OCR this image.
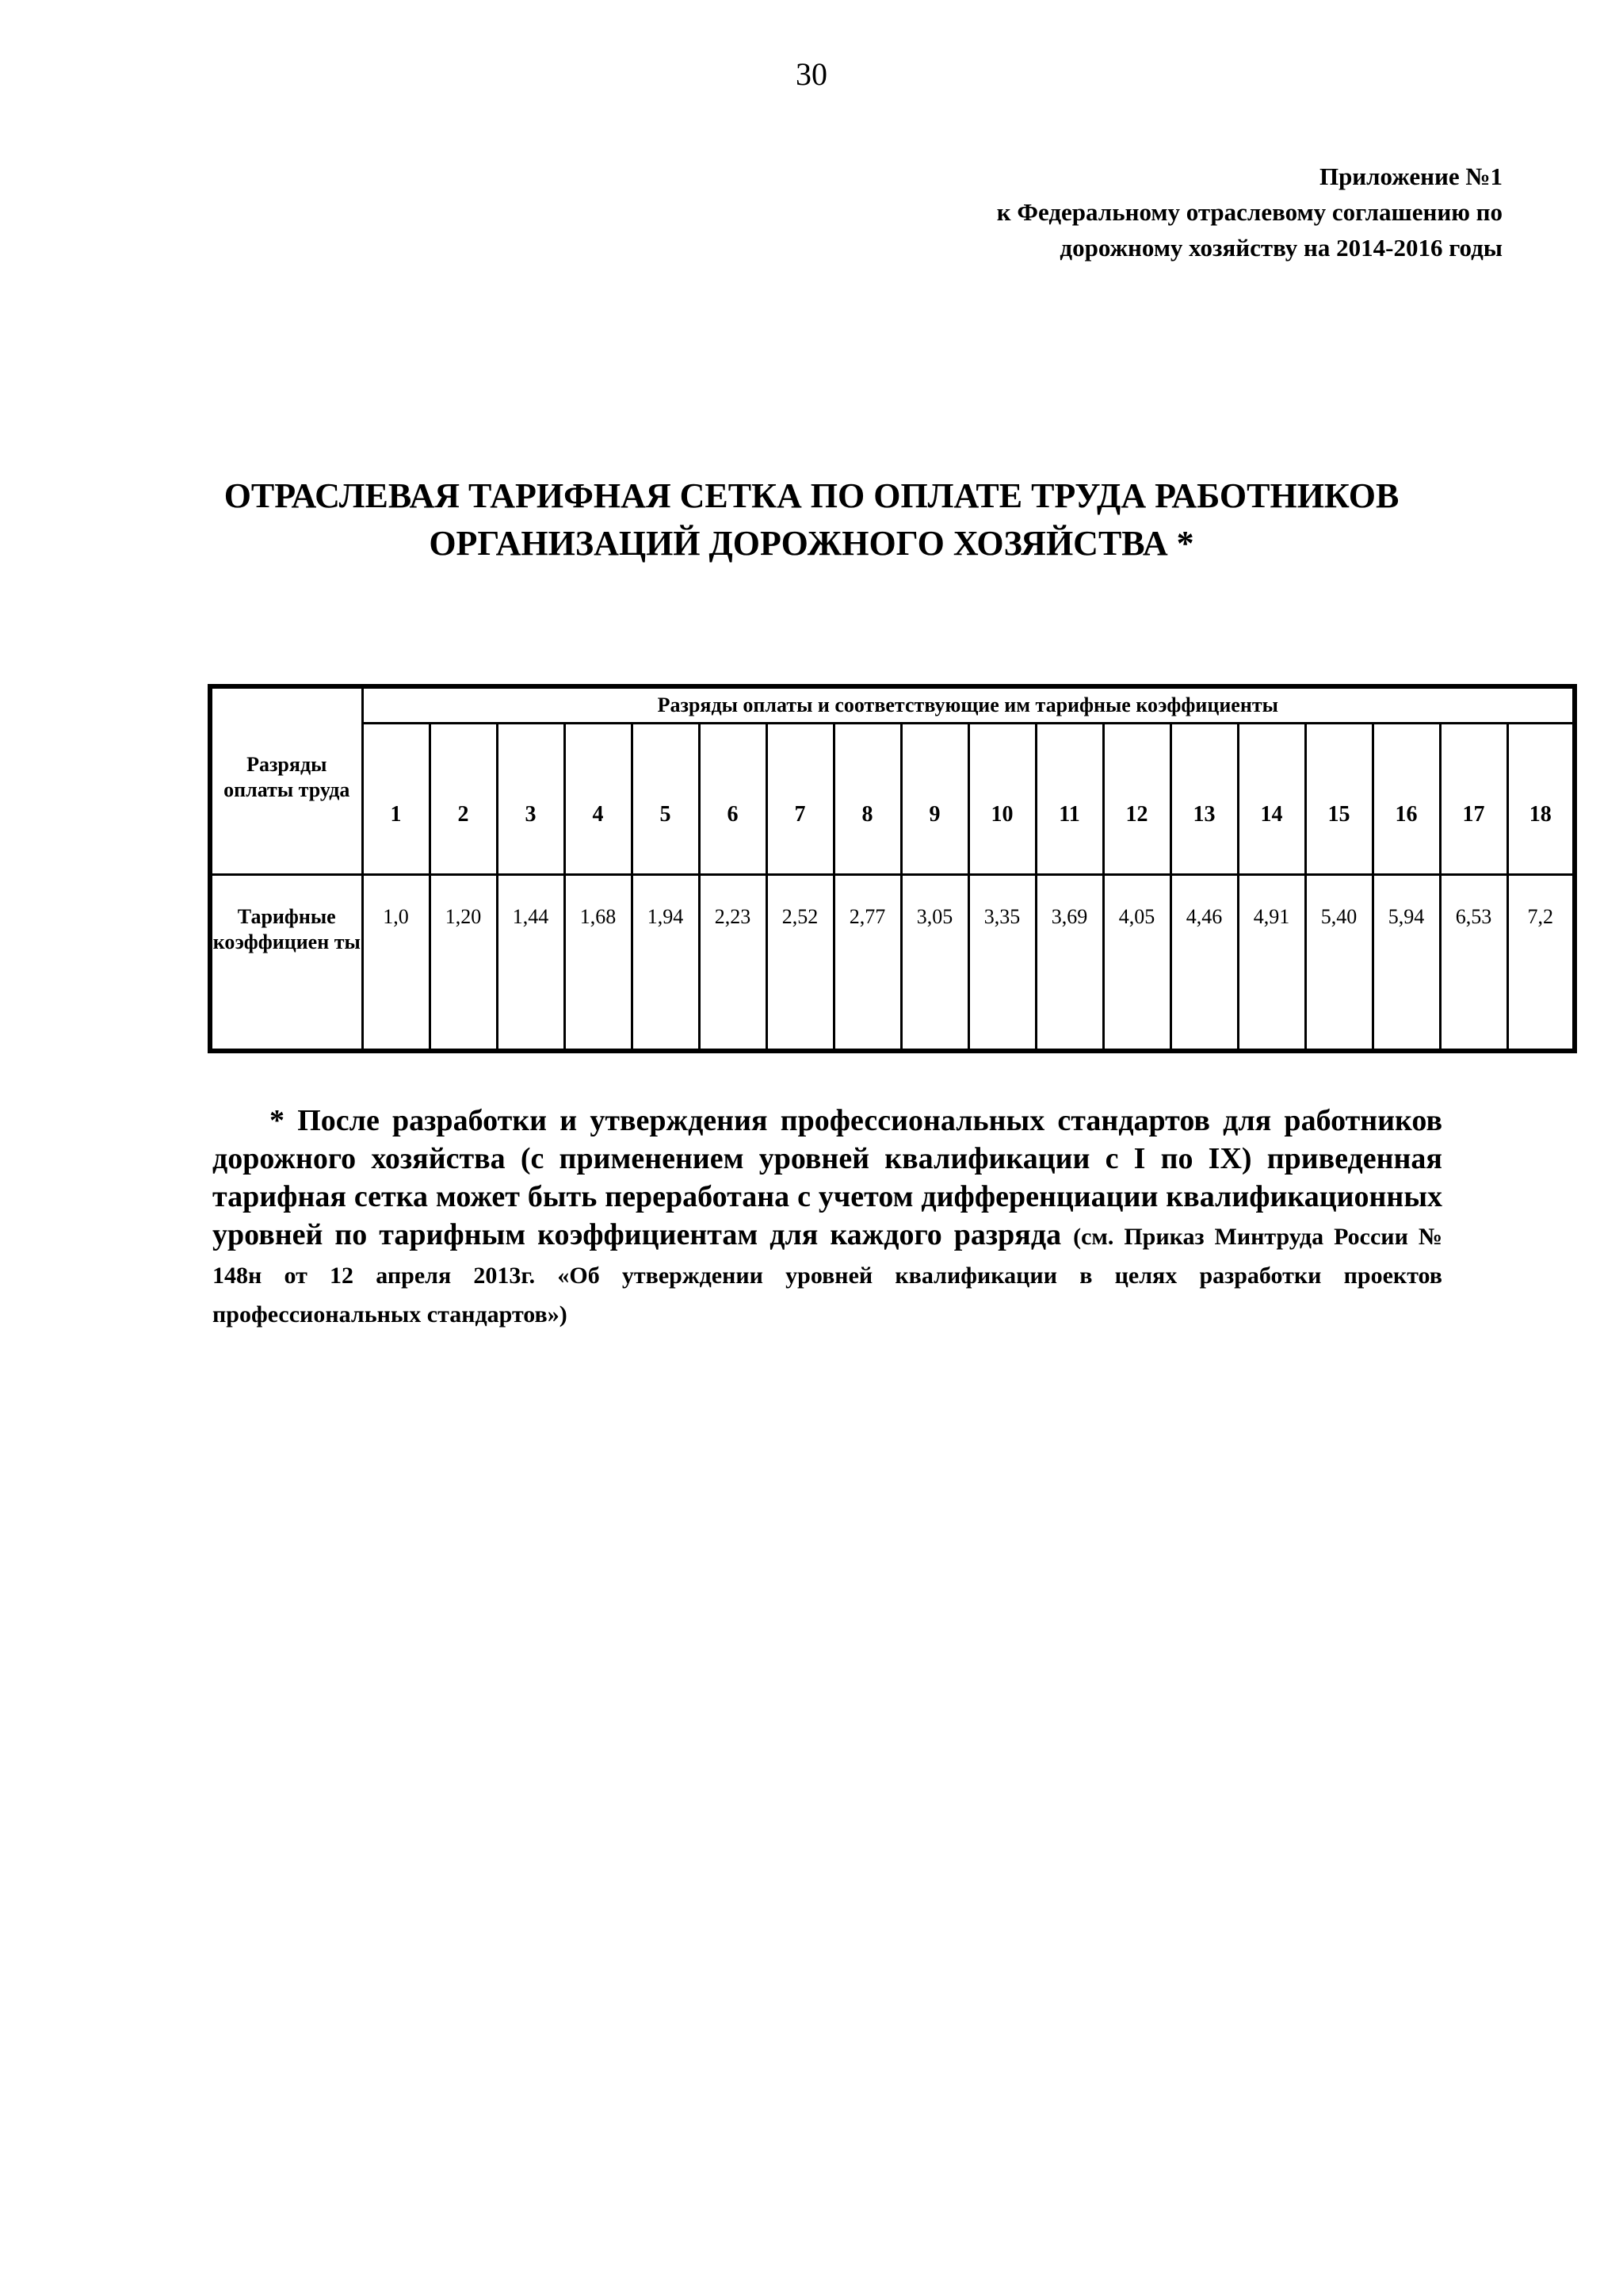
30
Приложение №1
к Федеральному отраслевому соглашению по
дорожному хозяйству на 2014-2016 годы
ОТРАСЛЕВАЯ ТАРИФНАЯ СЕТКА ПО ОПЛАТЕ ТРУДА РАБОТНИКОВ
ОРГАНИЗАЦИЙ ДОРОЖНОГО ХОЗЯЙСТВА *
Разряды оплаты труда	Разряды оплаты и соответствующие им тарифные коэффициенты																	
	1	2	3	4	5	6	7	8	9	10	11	12	13	14	15	16	17	18
Тарифные коэффициен ты	1,0	1,20	1,44	1,68	1,94	2,23	2,52	2,77	3,05	3,35	3,69	4,05	4,46	4,91	5,40	5,94	6,53	7,2

* После разработки и утверждения профессиональных стандартов для работников дорожного хозяйства (с применением уровней квалификации с I по IX) приведенная тарифная сетка может быть переработана с учетом дифференциации квалификационных уровней по тарифным коэффициентам для каждого разряда (см. Приказ Минтруда России № 148н от 12 апреля 2013г. «Об утверждении уровней квалификации в целях разработки проектов профессиональных стандартов»)
